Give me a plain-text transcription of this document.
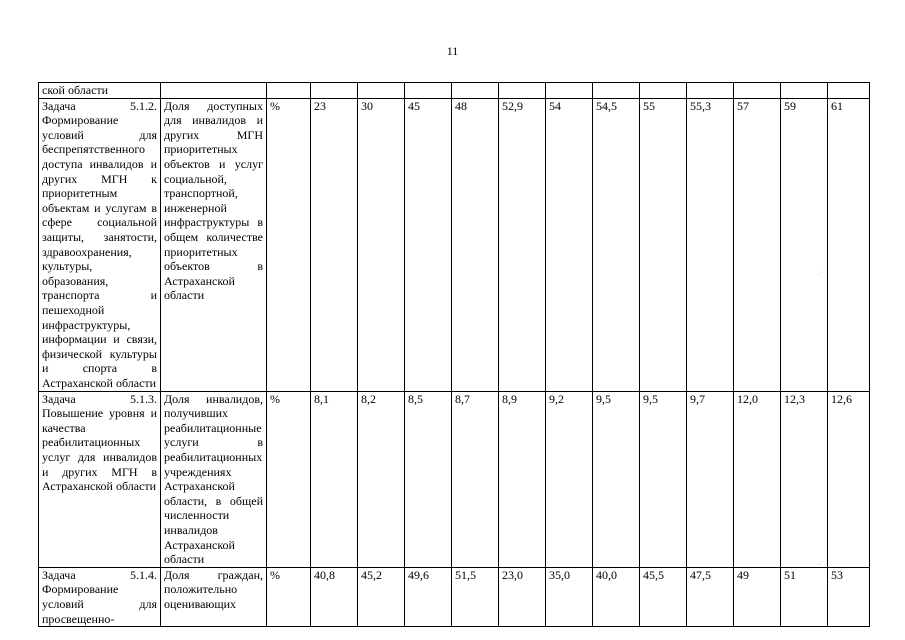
11
·ˈ
·ˈ
ской области														
Задача 5.1.2. Формирование условий для беспрепятственного доступа инвалидов и других МГН к приоритетным объектам и услугам в сфере социальной защиты, занятости, здравоохранения, культуры, образования, транспорта и пешеходной инфраструктуры, информации и связи, физической культуры и спорта в Астраханской области	Доля доступных для инвалидов и других МГН приоритетных объектов и услуг социальной, транспортной, инженерной инфраструктуры в общем количестве приоритетных объектов в Астраханской области	%	23	30	45	48	52,9	54	54,5	55	55,3	57	59	61
Задача 5.1.3. Повышение уровня и качества реабилитационных услуг для инвалидов и других МГН в Астраханской области	Доля инвалидов, получивших реабилитационные услуги в реабилитационных учреждениях Астраханской области, в общей численности инвалидов Астраханской области	%	8,1	8,2	8,5	8,7	8,9	9,2	9,5	9,5	9,7	12,0	12,3	12,6
Задача 5.1.4. Формирование условий для просвещенно-	Доля граждан, положительно оценивающих	%	40,8	45,2	49,6	51,5	23,0	35,0	40,0	45,5	47,5	49	51	53
